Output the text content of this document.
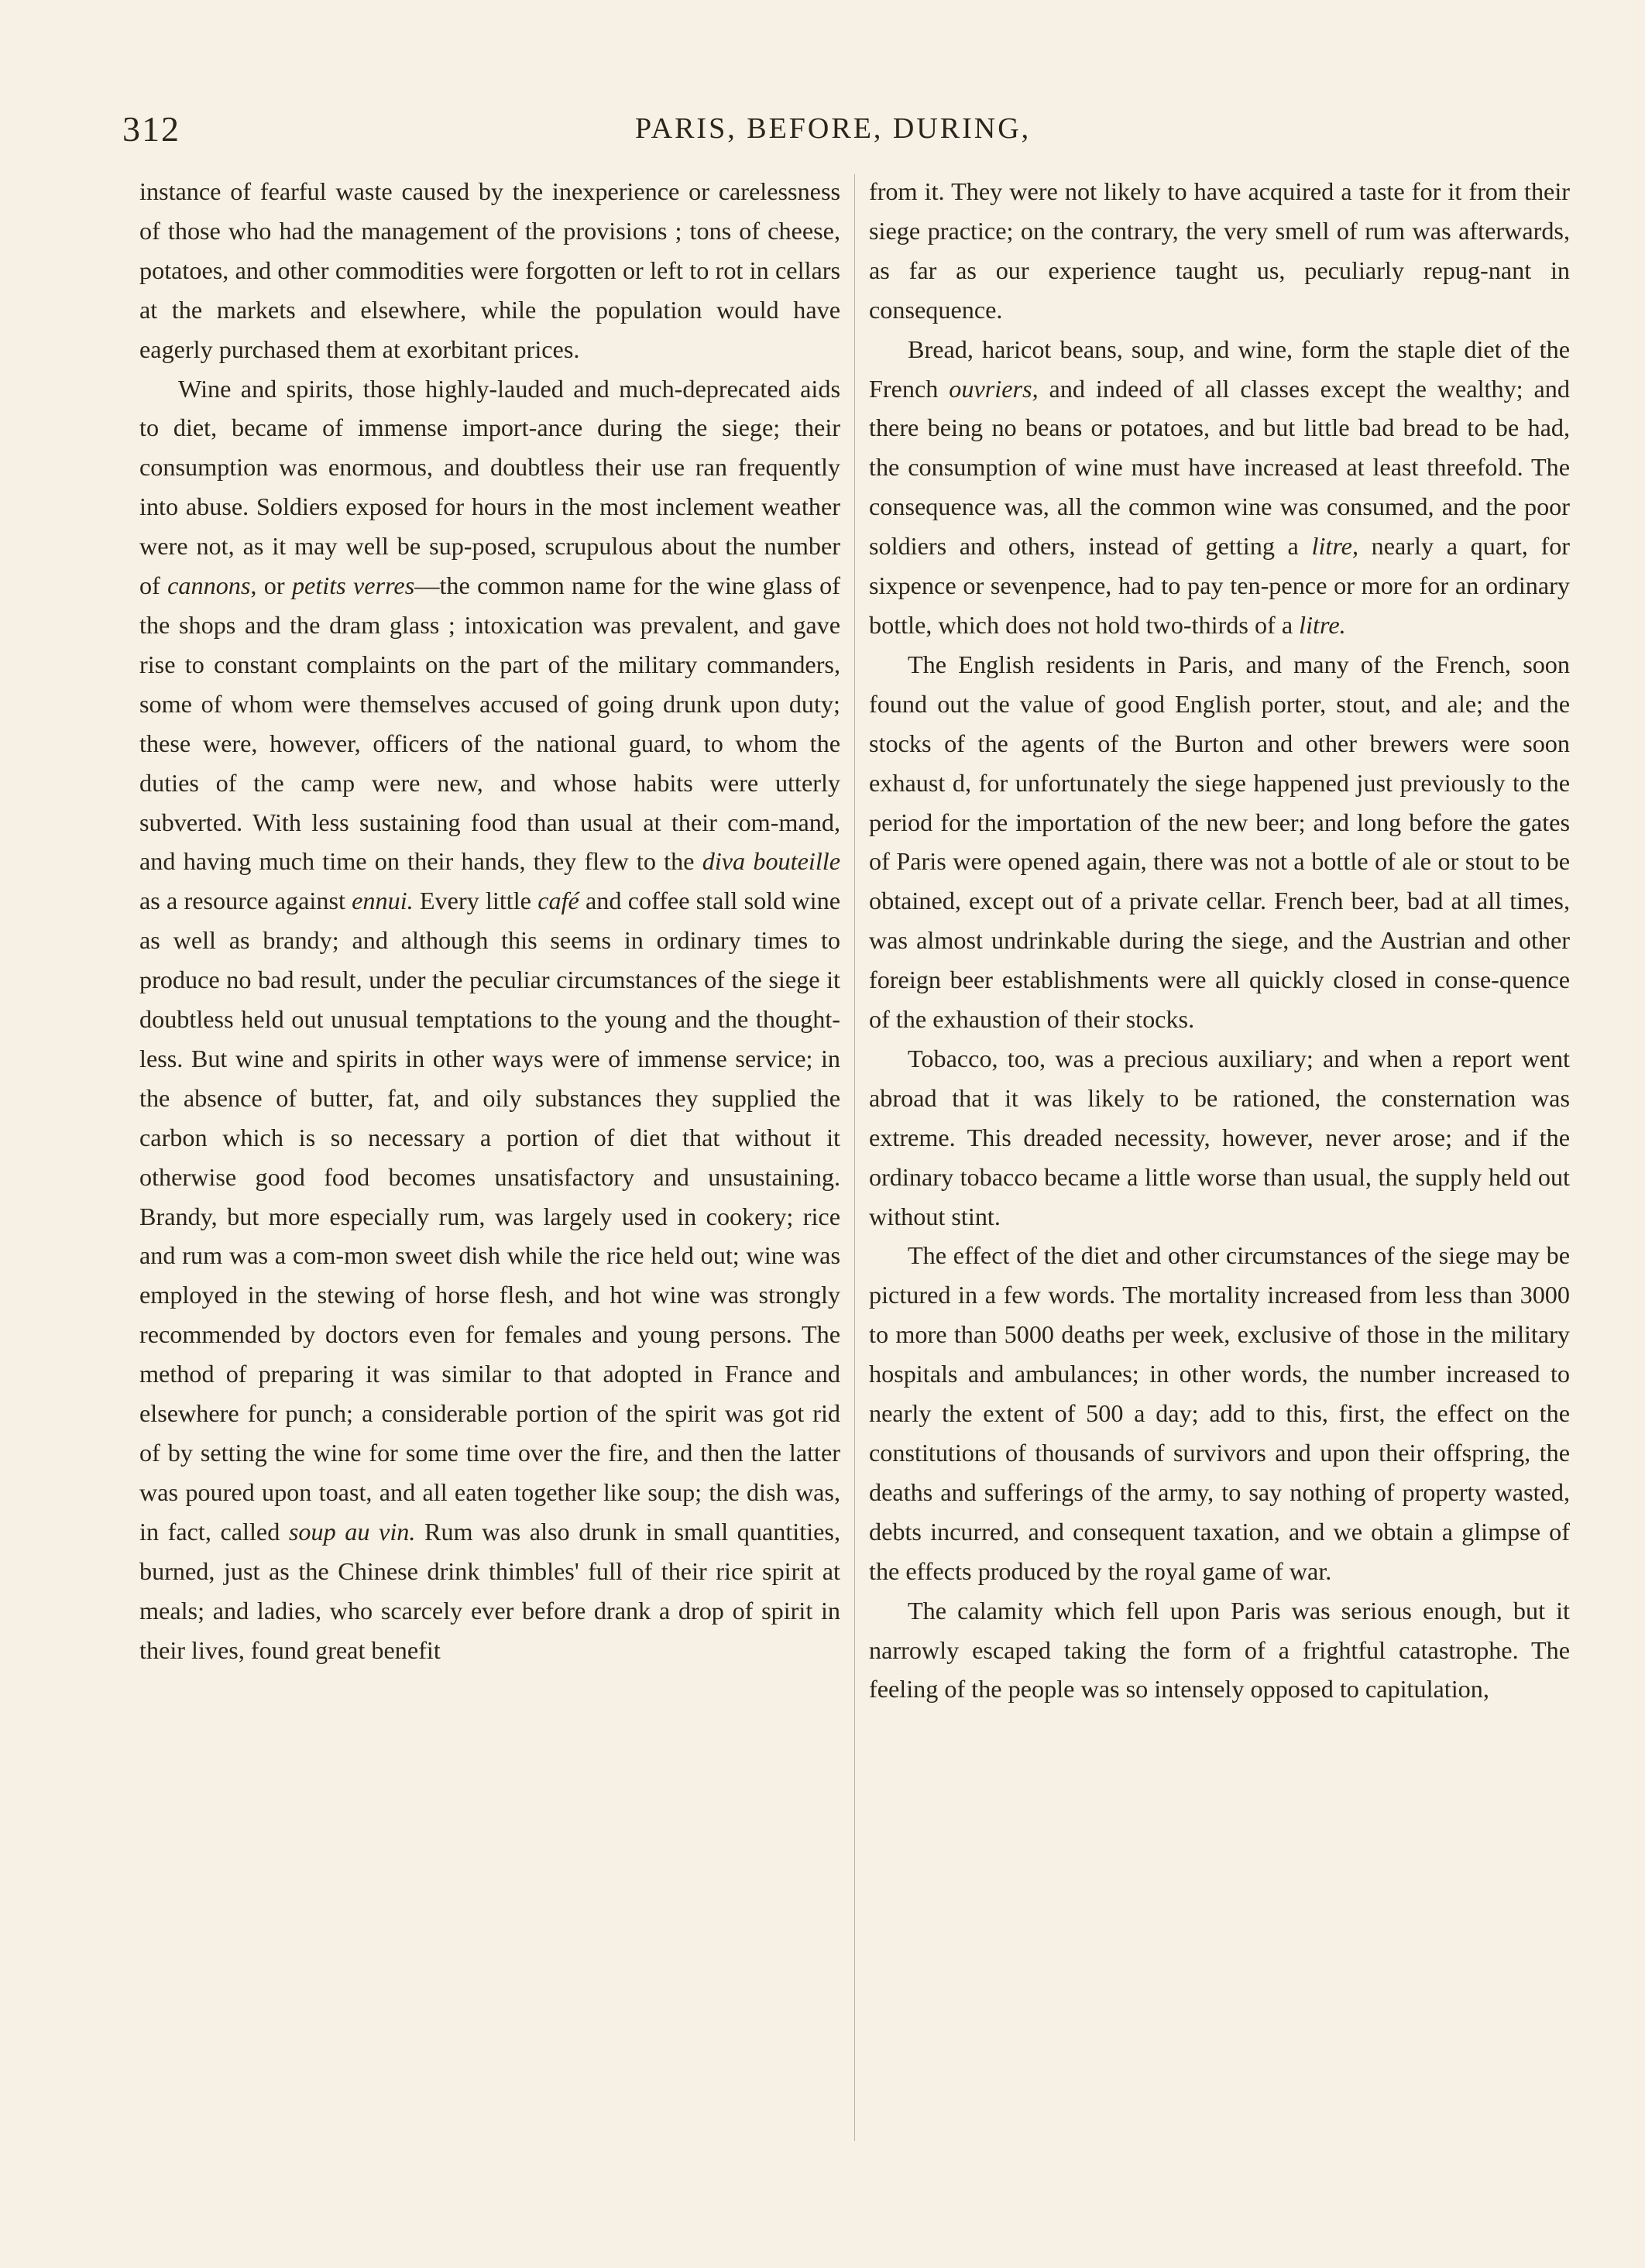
312	PARIS, BEFORE, DURING,

instance of fearful waste caused by the inexperience or carelessness of those who had the management of the provisions ; tons of cheese, potatoes, and other commodities were forgotten or left to rot in cellars at the markets and elsewhere, while the population would have eagerly purchased them at exorbitant prices.

Wine and spirits, those highly-lauded and much-deprecated aids to diet, became of immense import-ance during the siege; their consumption was enormous, and doubtless their use ran frequently into abuse. Soldiers exposed for hours in the most inclement weather were not, as it may well be sup-posed, scrupulous about the number of cannons, or petits verres—the common name for the wine glass of the shops and the dram glass ; intoxication was prevalent, and gave rise to constant complaints on the part of the military commanders, some of whom were themselves accused of going drunk upon duty; these were, however, officers of the national guard, to whom the duties of the camp were new, and whose habits were utterly subverted. With less sustaining food than usual at their com-mand, and having much time on their hands, they flew to the diva bouteille as a resource against ennui. Every little café and coffee stall sold wine as well as brandy; and although this seems in ordinary times to produce no bad result, under the peculiar circumstances of the siege it doubtless held out unusual temptations to the young and the thought-less. But wine and spirits in other ways were of immense service; in the absence of butter, fat, and oily substances they supplied the carbon which is so necessary a portion of diet that without it otherwise good food becomes unsatisfactory and unsustaining. Brandy, but more especially rum, was largely used in cookery; rice and rum was a com-mon sweet dish while the rice held out; wine was employed in the stewing of horse flesh, and hot wine was strongly recommended by doctors even for females and young persons. The method of preparing it was similar to that adopted in France and elsewhere for punch; a considerable portion of the spirit was got rid of by setting the wine for some time over the fire, and then the latter was poured upon toast, and all eaten together like soup; the dish was, in fact, called soup au vin. Rum was also drunk in small quantities, burned, just as the Chinese drink thimbles' full of their rice spirit at meals; and ladies, who scarcely ever before drank a drop of spirit in their lives, found great benefit

from it. They were not likely to have acquired a taste for it from their siege practice; on the contrary, the very smell of rum was afterwards, as far as our experience taught us, peculiarly repug-nant in consequence.

Bread, haricot beans, soup, and wine, form the staple diet of the French ouvriers, and indeed of all classes except the wealthy; and there being no beans or potatoes, and but little bad bread to be had, the consumption of wine must have increased at least threefold. The consequence was, all the common wine was consumed, and the poor soldiers and others, instead of getting a litre, nearly a quart, for sixpence or sevenpence, had to pay ten-pence or more for an ordinary bottle, which does not hold two-thirds of a litre.

The English residents in Paris, and many of the French, soon found out the value of good English porter, stout, and ale; and the stocks of the agents of the Burton and other brewers were soon exhaust d, for unfortunately the siege happened just previously to the period for the importation of the new beer; and long before the gates of Paris were opened again, there was not a bottle of ale or stout to be obtained, except out of a private cellar. French beer, bad at all times, was almost undrinkable during the siege, and the Austrian and other foreign beer establishments were all quickly closed in conse-quence of the exhaustion of their stocks.

Tobacco, too, was a precious auxiliary; and when a report went abroad that it was likely to be rationed, the consternation was extreme. This dreaded necessity, however, never arose; and if the ordinary tobacco became a little worse than usual, the supply held out without stint.

The effect of the diet and other circumstances of the siege may be pictured in a few words. The mortality increased from less than 3000 to more than 5000 deaths per week, exclusive of those in the military hospitals and ambulances; in other words, the number increased to nearly the extent of 500 a day; add to this, first, the effect on the constitutions of thousands of survivors and upon their offspring, the deaths and sufferings of the army, to say nothing of property wasted, debts incurred, and consequent taxation, and we obtain a glimpse of the effects produced by the royal game of war.

The calamity which fell upon Paris was serious enough, but it narrowly escaped taking the form of a frightful catastrophe. The feeling of the people was so intensely opposed to capitulation,
